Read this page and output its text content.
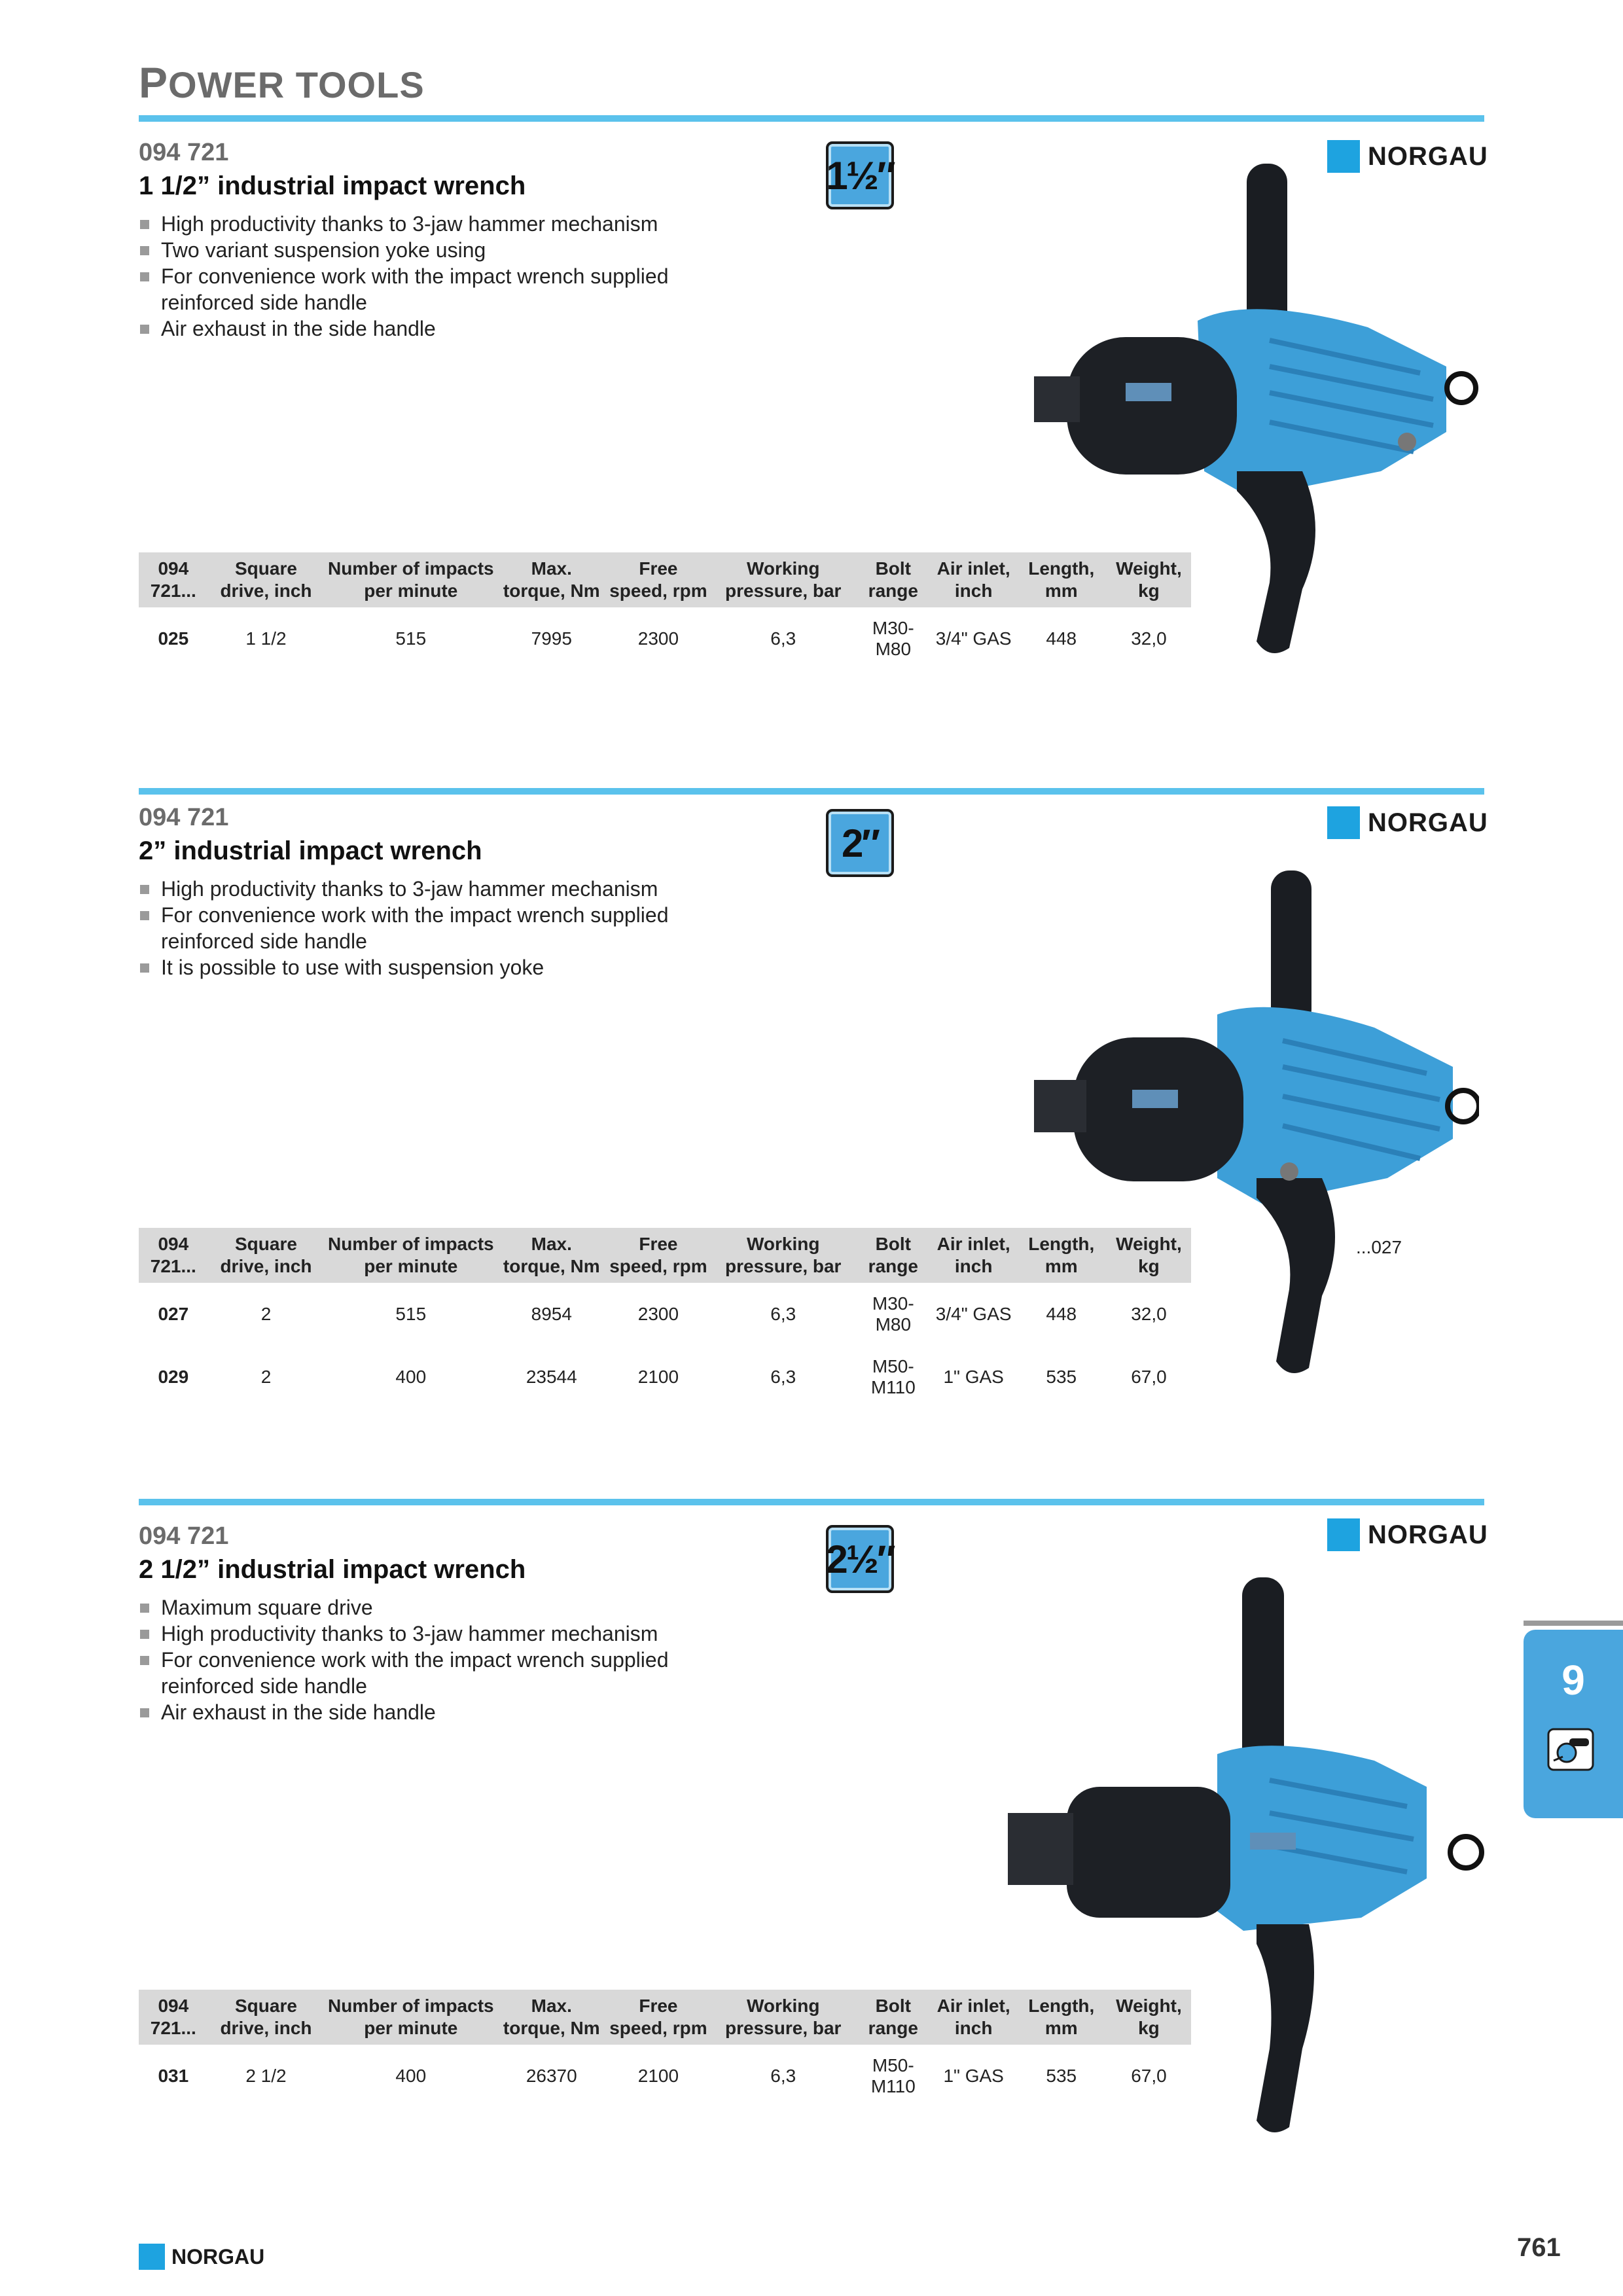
POWER TOOLS
094 721
1 1/2” industrial impact wrench
High productivity thanks to 3-jaw hammer mechanism
Two variant suspension yoke using
For convenience work with the impact wrench supplied reinforced side handle
Air exhaust in the side handle
1½″	NORGAU
094 721...	Square drive, inch	Number of impacts per minute	Max. torque, Nm	Free speed, rpm	Working pressure, bar	Bolt range	Air inlet, inch	Length, mm	Weight, kg
025	1 1/2	515	7995	2300	6,3	M30-M80	3/4" GAS	448	32,0
094 721
2” industrial impact wrench
High productivity thanks to 3-jaw hammer mechanism
For convenience work with the impact wrench supplied reinforced side handle
It is possible to use with suspension yoke
2″	NORGAU
...027
094 721...	Square drive, inch	Number of impacts per minute	Max. torque, Nm	Free speed, rpm	Working pressure, bar	Bolt range	Air inlet, inch	Length, mm	Weight, kg
027	2	515	8954	2300	6,3	M30-M80	3/4" GAS	448	32,0
029	2	400	23544	2100	6,3	M50-M110	1" GAS	535	67,0
094 721
2 1/2” industrial impact wrench
Maximum square drive
High productivity thanks to 3-jaw hammer mechanism
For convenience work with the impact wrench supplied reinforced side handle
Air exhaust in the side handle
2½″
NORGAU
094 721...	Square drive, inch	Number of impacts per minute	Max. torque, Nm	Free speed, rpm	Working pressure, bar	Bolt range	Air inlet, inch	Length, mm	Weight, kg
031	2 1/2	400	26370	2100	6,3	M50-M110	1" GAS	535	67,0
9
NORGAU	761
